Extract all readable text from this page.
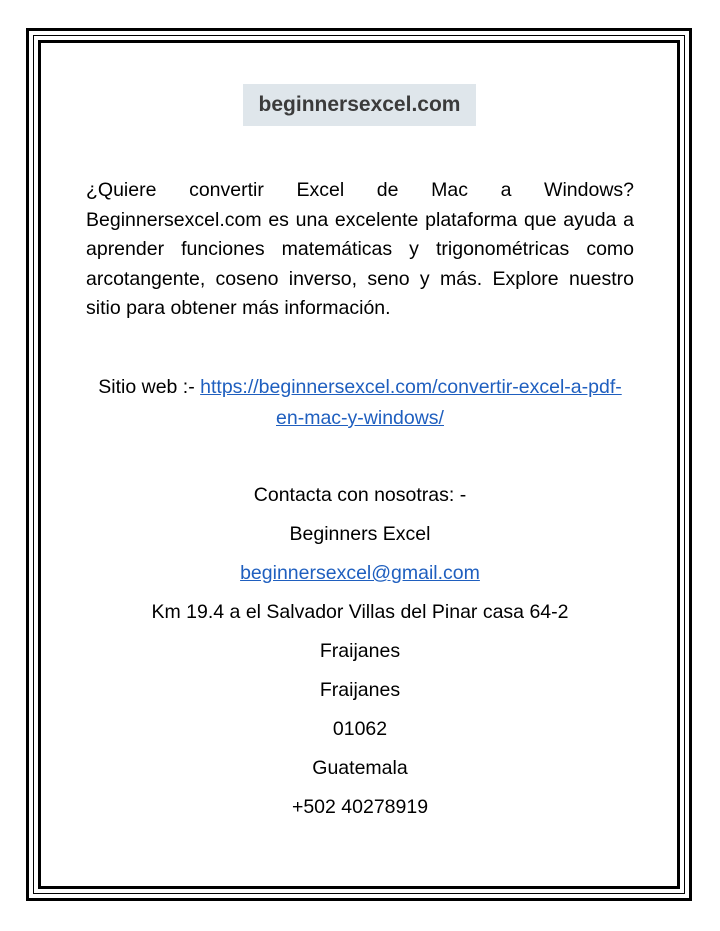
beginnersexcel.com

¿Quiere convertir Excel de Mac a Windows? Beginnersexcel.com es una excelente plataforma que ayuda a aprender funciones matemáticas y trigonométricas como arcotangente, coseno inverso, seno y más. Explore nuestro sitio para obtener más información.

Sitio web :- https://beginnersexcel.com/convertir-excel-a-pdf-en-mac-y-windows/
Contacta con nosotras: -
Beginners Excel
beginnersexcel@gmail.com
Km 19.4 a el Salvador Villas del Pinar casa 64-2
Fraijanes
Fraijanes
01062
Guatemala
+502 40278919
